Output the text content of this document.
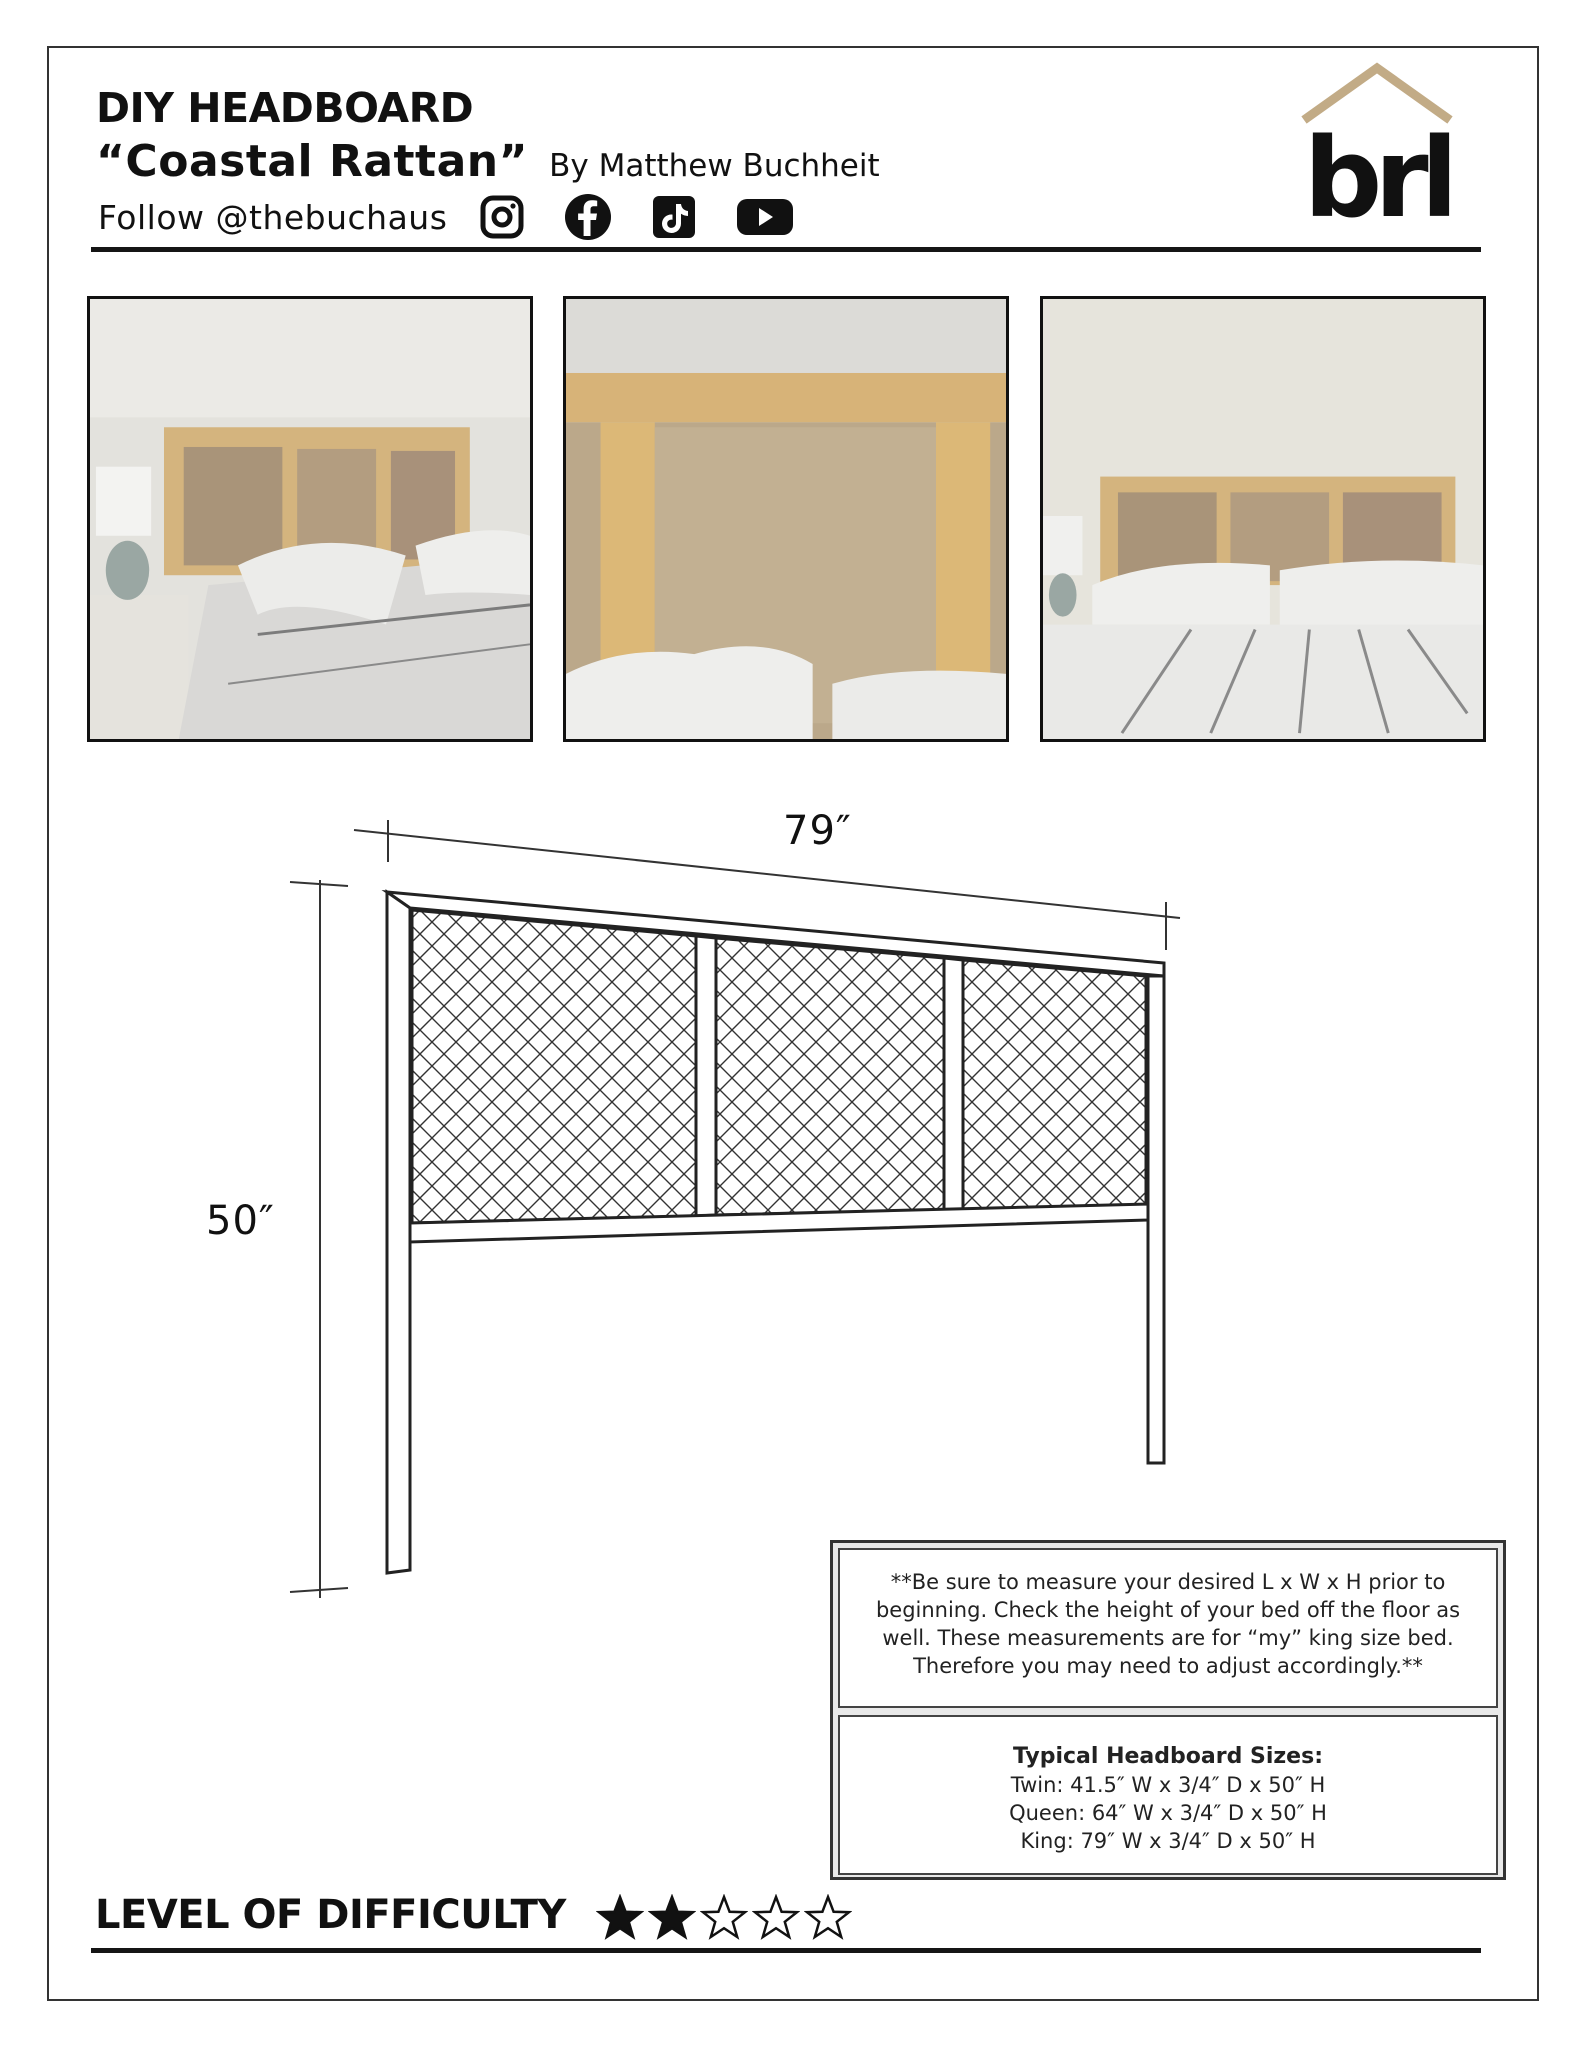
DIY HEADBOARD
“Coastal Rattan” By Matthew Buchheit
Follow @thebuchaus	brl
79″
50″
**Be sure to measure your desired L x W x H prior to beginning. Check the height of your bed off the floor as well. These measurements are for “my” king size bed. Therefore you may need to adjust accordingly.**
Typical Headboard Sizes:
Twin: 41.5″ W x 3/4″ D x 50″ H
Queen: 64″ W x 3/4″ D x 50″ H
King: 79″ W x 3/4″ D x 50″ H
LEVEL OF DIFFICULTY
